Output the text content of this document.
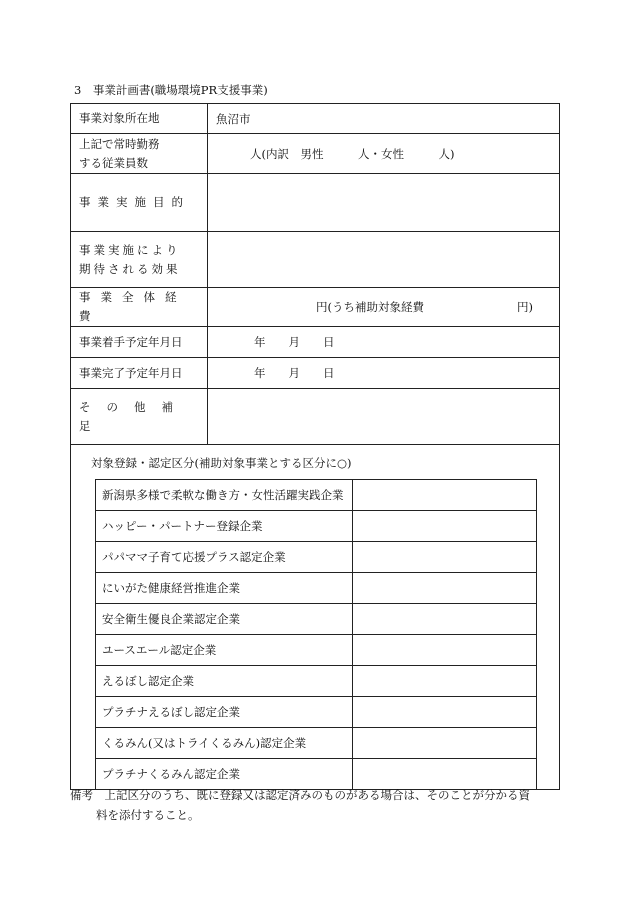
3　事業計画書(職場環境PR支援事業)
事業対象所在地	魚沼市

上記で常時勤務
する従業員数
	人(内訳　男性　　　人・女性　　　人)
事業実施目的	

事業実施により
期待される効果

事業全体経費	円(うち補助対象経費	円)

事業着手予定年月日	年　　月　　日
事業完了予定年月日	年　　月　　日
その他補足	

対象登録・認定区分(補助対象事業とする区分に○)
新潟県多様で柔軟な働き方・女性活躍実践企業	
ハッピー・パートナー登録企業	
パパママ子育て応援プラス認定企業	
にいがた健康経営推進企業	
安全衛生優良企業認定企業	
ユースエール認定企業	
えるぼし認定企業	
プラチナえるぼし認定企業	
くるみん(又はトライくるみん)認定企業	
プラチナくるみん認定企業	
備考　上記区分のうち、既に登録又は認定済みのものがある場合は、そのことが分かる資
料を添付すること。
